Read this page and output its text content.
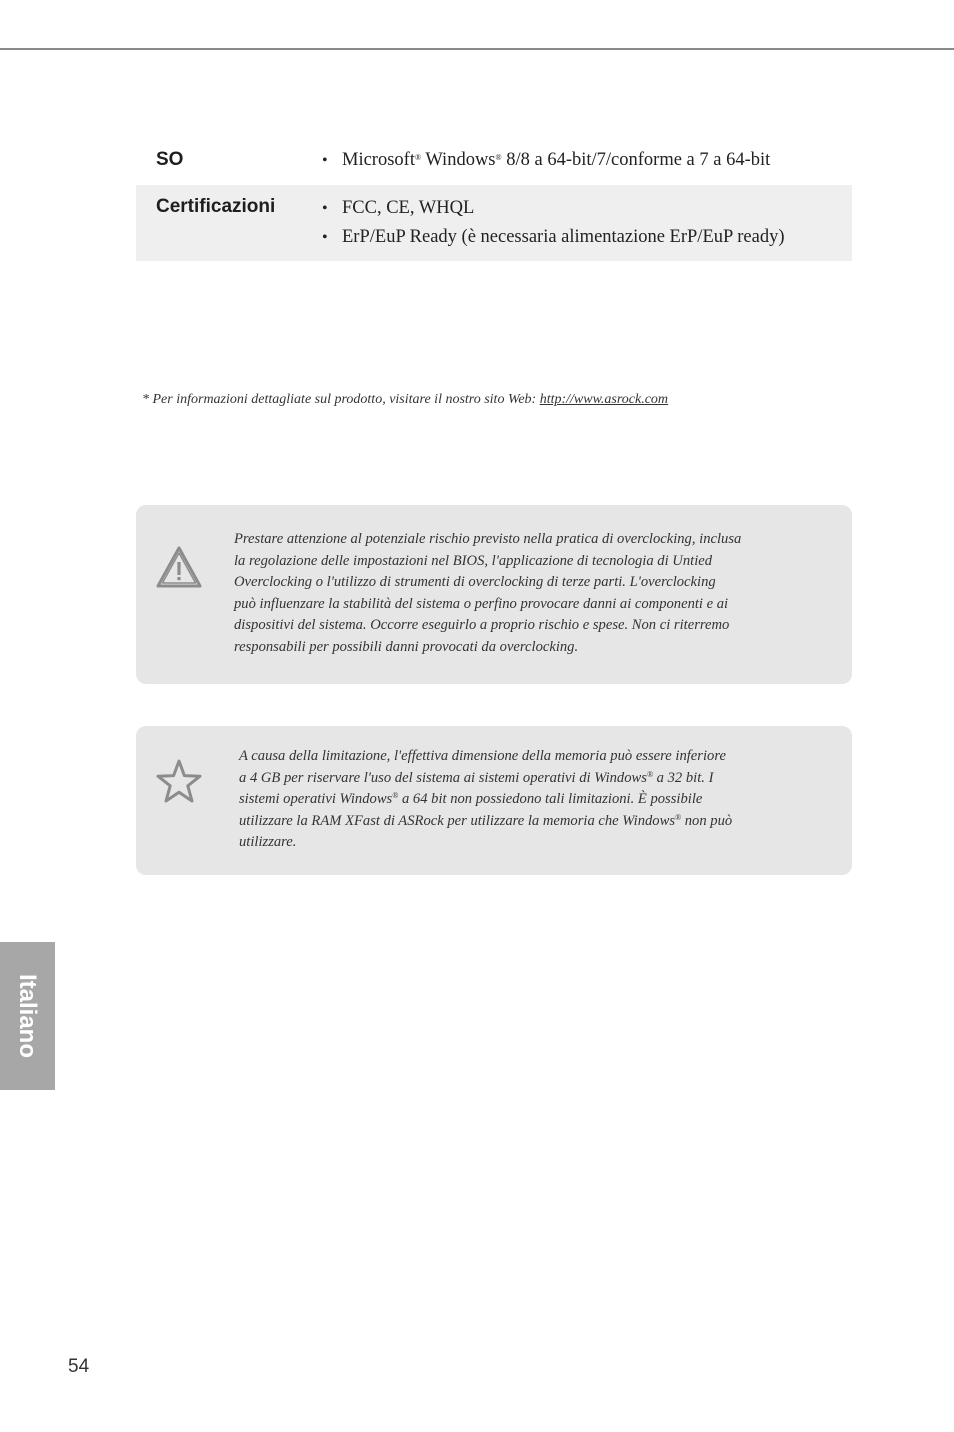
SO	• Microsoft® Windows® 8/8 a 64-bit/7/conforme a 7 a 64-bit
Certificazioni	• FCC, CE, WHQL
• ErP/EuP Ready (è necessaria alimentazione ErP/EuP ready)
* Per informazioni dettagliate sul prodotto, visitare il nostro sito Web: http://www.asrock.com
Prestare attenzione al potenziale rischio previsto nella pratica di overclocking, inclusa
la regolazione delle impostazioni nel BIOS, l'applicazione di tecnologia di Untied
Overclocking o l'utilizzo di strumenti di overclocking di terze parti. L'overclocking
può influenzare la stabilità del sistema o perfino provocare danni ai componenti e ai
dispositivi del sistema. Occorre eseguirlo a proprio rischio e spese. Non ci riterremo
responsabili per possibili danni provocati da overclocking.
A causa della limitazione, l'effettiva dimensione della memoria può essere inferiore
a 4 GB per riservare l'uso del sistema ai sistemi operativi di Windows® a 32 bit. I
sistemi operativi Windows® a 64 bit non possiedono tali limitazioni. È possibile
utilizzare la RAM XFast di ASRock per utilizzare la memoria che Windows® non può
utilizzare.
Italiano
54
